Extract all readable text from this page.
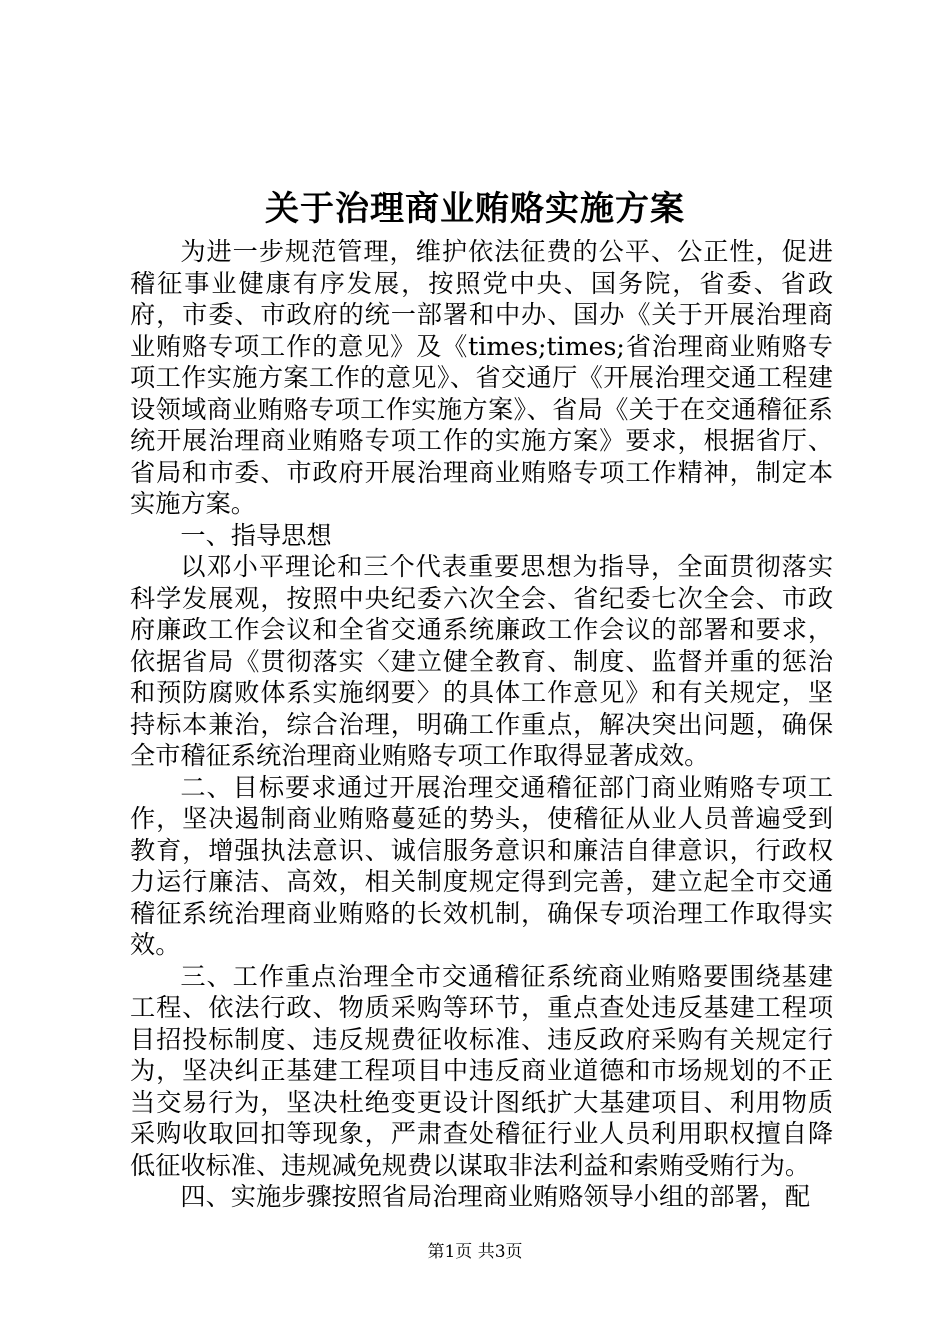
关于治理商业贿赂实施方案

为进一步规范管理，维护依法征费的公平、公正性，促进稽征事业健康有序发展，按照党中央、国务院，省委、省政府，市委、市政府的统一部署和中办、国办《关于开展治理商业贿赂专项工作的意见》及《times;times;省治理商业贿赂专项工作实施方案工作的意见》、省交通厅《开展治理交通工程建设领域商业贿赂专项工作实施方案》、省局《关于在交通稽征系统开展治理商业贿赂专项工作的实施方案》要求，根据省厅、省局和市委、市政府开展治理商业贿赂专项工作精神，制定本实施方案。

一、指导思想

以邓小平理论和三个代表重要思想为指导，全面贯彻落实科学发展观，按照中央纪委六次全会、省纪委七次全会、市政府廉政工作会议和全省交通系统廉政工作会议的部署和要求，依据省局《贯彻落实〈建立健全教育、制度、监督并重的惩治和预防腐败体系实施纲要〉的具体工作意见》和有关规定，坚持标本兼治，综合治理，明确工作重点，解决突出问题，确保全市稽征系统治理商业贿赂专项工作取得显著成效。

二、目标要求通过开展治理交通稽征部门商业贿赂专项工作，坚决遏制商业贿赂蔓延的势头，使稽征从业人员普遍受到教育，增强执法意识、诚信服务意识和廉洁自律意识，行政权力运行廉洁、高效，相关制度规定得到完善，建立起全市交通稽征系统治理商业贿赂的长效机制，确保专项治理工作取得实效。

三、工作重点治理全市交通稽征系统商业贿赂要围绕基建工程、依法行政、物质采购等环节，重点查处违反基建工程项目招投标制度、违反规费征收标准、违反政府采购有关规定行为，坚决纠正基建工程项目中违反商业道德和市场规划的不正当交易行为，坚决杜绝变更设计图纸扩大基建项目、利用物质采购收取回扣等现象，严肃查处稽征行业人员利用职权擅自降低征收标准、违规减免规费以谋取非法利益和索贿受贿行为。

四、实施步骤按照省局治理商业贿赂领导小组的部署，配

第1页 共3页
